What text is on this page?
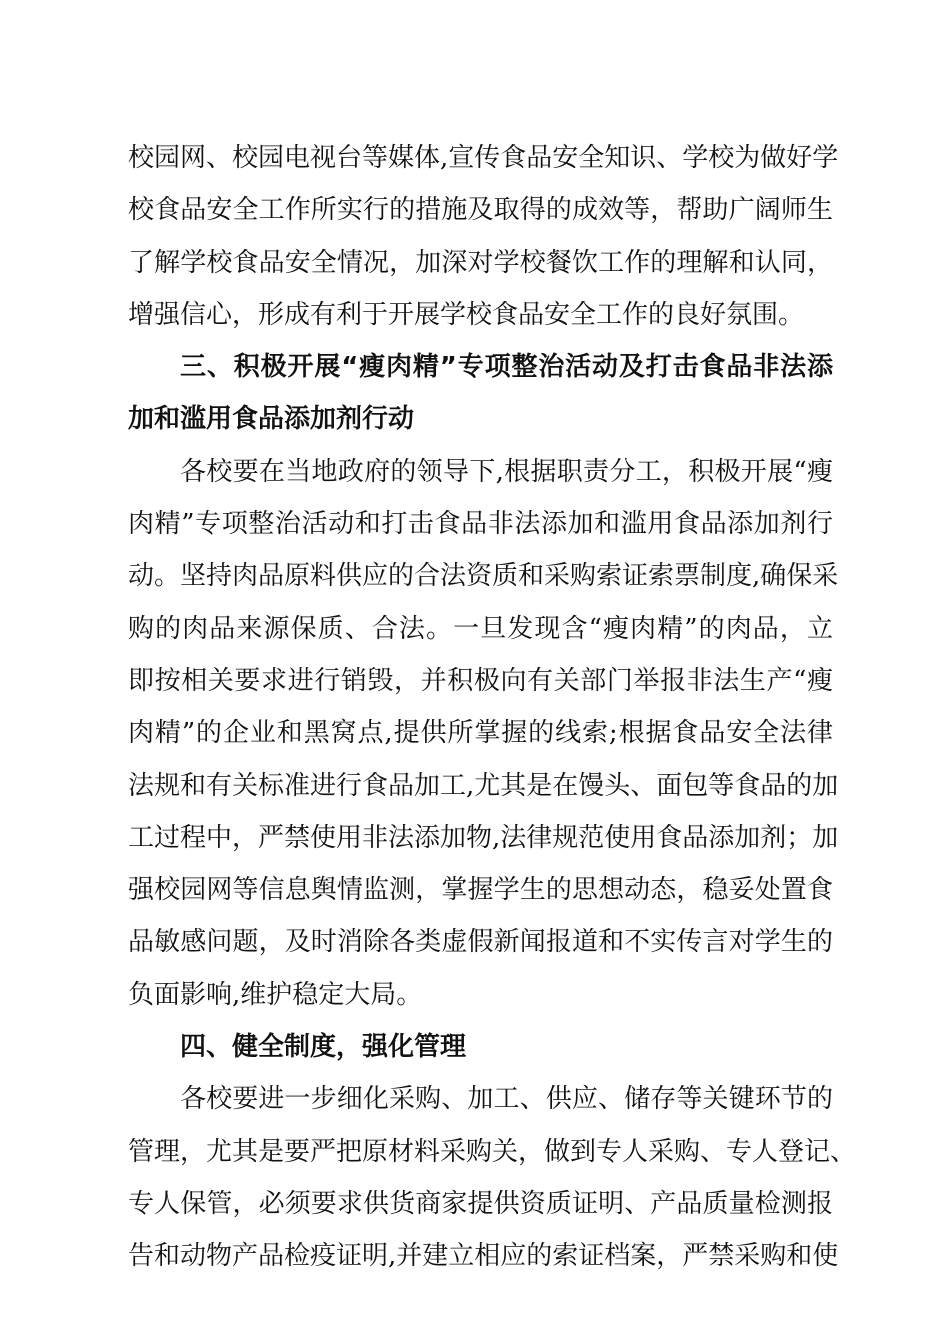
校园网、校园电视台等媒体,宣传食品安全知识、学校为做好学
校食品安全工作所实行的措施及取得的成效等，帮助广阔师生
了解学校食品安全情况，加深对学校餐饮工作的理解和认同，
增强信心，形成有利于开展学校食品安全工作的良好氛围。
三、积极开展“瘦肉精”专项整治活动及打击食品非法添
加和滥用食品添加剂行动
各校要在当地政府的领导下,根据职责分工，积极开展“瘦
肉精”专项整治活动和打击食品非法添加和滥用食品添加剂行
动。坚持肉品原料供应的合法资质和采购索证索票制度,确保采
购的肉品来源保质、合法。一旦发现含“瘦肉精”的肉品，立
即按相关要求进行销毁，并积极向有关部门举报非法生产“瘦
肉精”的企业和黑窝点,提供所掌握的线索;根据食品安全法律
法规和有关标准进行食品加工,尤其是在馒头、面包等食品的加
工过程中，严禁使用非法添加物,法律规范使用食品添加剂；加
强校园网等信息舆情监测，掌握学生的思想动态，稳妥处置食
品敏感问题，及时消除各类虚假新闻报道和不实传言对学生的
负面影响,维护稳定大局。
四、健全制度，强化管理
各校要进一步细化采购、加工、供应、储存等关键环节的
管理，尤其是要严把原材料采购关，做到专人采购、专人登记、
专人保管，必须要求供货商家提供资质证明、产品质量检测报
告和动物产品检疫证明,并建立相应的索证档案，严禁采购和使
